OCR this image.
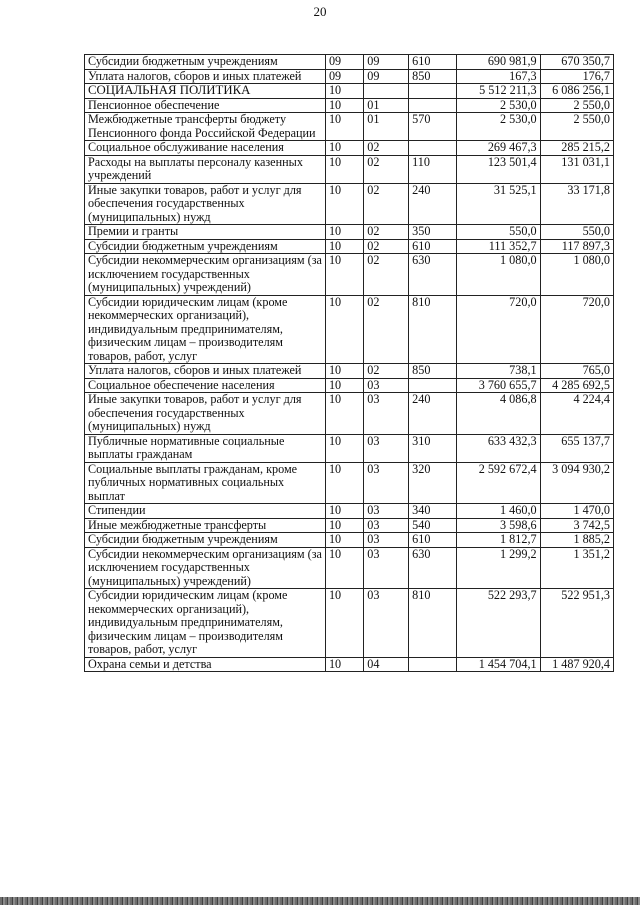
20
Субсидии бюджетным учреждениям	09	09	610	690 981,9	670 350,7
Уплата налогов, сборов и иных платежей	09	09	850	167,3	176,7
СОЦИАЛЬНАЯ ПОЛИТИКА	10			5 512 211,3	6 086 256,1
Пенсионное обеспечение	10	01		2 530,0	2 550,0
Межбюджетные трансферты бюджету Пенсионного фонда Российской Федерации	10	01	570	2 530,0	2 550,0
Социальное обслуживание населения	10	02		269 467,3	285 215,2
Расходы на выплаты персоналу казенных учреждений	10	02	110	123 501,4	131 031,1
Иные закупки товаров, работ и услуг для обеспечения государственных (муниципальных) нужд	10	02	240	31 525,1	33 171,8
Премии и гранты	10	02	350	550,0	550,0
Субсидии бюджетным учреждениям	10	02	610	111 352,7	117 897,3
Субсидии некоммерческим организациям (за исключением государственных (муниципальных) учреждений)	10	02	630	1 080,0	1 080,0
Субсидии юридическим лицам (кроме некоммерческих организаций), индивидуальным предпринимателям, физическим лицам – производителям товаров, работ, услуг	10	02	810	720,0	720,0
Уплата налогов, сборов и иных платежей	10	02	850	738,1	765,0
Социальное обеспечение населения	10	03		3 760 655,7	4 285 692,5
Иные закупки товаров, работ и услуг для обеспечения государственных (муниципальных) нужд	10	03	240	4 086,8	4 224,4
Публичные нормативные социальные выплаты гражданам	10	03	310	633 432,3	655 137,7
Социальные выплаты гражданам, кроме публичных нормативных социальных выплат	10	03	320	2 592 672,4	3 094 930,2
Стипендии	10	03	340	1 460,0	1 470,0
Иные межбюджетные трансферты	10	03	540	3 598,6	3 742,5
Субсидии бюджетным учреждениям	10	03	610	1 812,7	1 885,2
Субсидии некоммерческим организациям (за исключением государственных (муниципальных) учреждений)	10	03	630	1 299,2	1 351,2
Субсидии юридическим лицам (кроме некоммерческих организаций), индивидуальным предпринимателям, физическим лицам – производителям товаров, работ, услуг	10	03	810	522 293,7	522 951,3
Охрана семьи и детства	10	04		1 454 704,1	1 487 920,4
